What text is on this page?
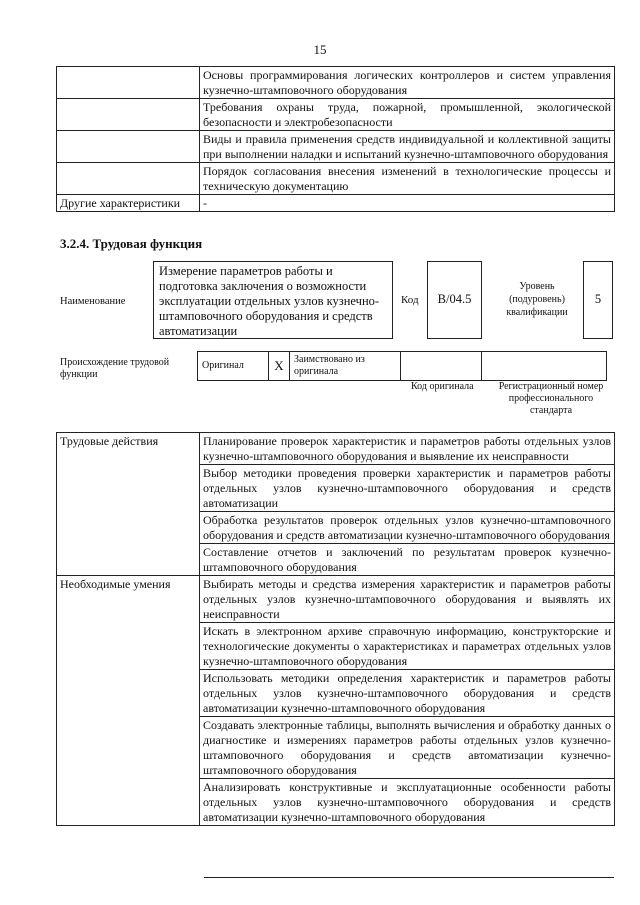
15
	Основы программирования логических контроллеров и систем управления кузнечно-штамповочного оборудования
	Требования охраны труда, пожарной, промышленной, экологической безопасности и электробезопасности
	Виды и правила применения средств индивидуальной и коллективной защиты при выполнении наладки и испытаний кузнечно-штамповочного оборудования
	Порядок согласования внесения изменений в технологические процессы и техническую документацию
Другие характеристики	-
3.2.4. Трудовая функция
Наименование
Измерение параметров работы и подготовка заключения о возможности эксплуатации отдельных узлов кузнечно-штамповочного оборудования и средств автоматизации
Код	В/04.5
Уровень (подуровень) квалификации
5
Происхождение трудовой функции
Оригинал	X	Заимствовано из оригинала		
Код оригинала	Регистрационный номер профессионального стандарта
Трудовые действия	Планирование проверок характеристик и параметров работы отдельных узлов кузнечно-штамповочного оборудования и выявление их неисправности
	Выбор методики проведения проверки характеристик и параметров работы отдельных узлов кузнечно-штамповочного оборудования и средств автоматизации
	Обработка результатов проверок отдельных узлов кузнечно-штамповочного оборудования и средств автоматизации кузнечно-штамповочного оборудования
	Составление отчетов и заключений по результатам проверок кузнечно-штамповочного оборудования
Необходимые умения	Выбирать методы и средства измерения характеристик и параметров работы отдельных узлов кузнечно-штамповочного оборудования и выявлять их неисправности
	Искать в электронном архиве справочную информацию, конструкторские и технологические документы о характеристиках и параметрах отдельных узлов кузнечно-штамповочного оборудования
	Использовать методики определения характеристик и параметров работы отдельных узлов кузнечно-штамповочного оборудования и средств автоматизации кузнечно-штамповочного оборудования
	Создавать электронные таблицы, выполнять вычисления и обработку данных о диагностике и измерениях параметров работы отдельных узлов кузнечно-штамповочного оборудования и средств автоматизации кузнечно-штамповочного оборудования
	Анализировать конструктивные и эксплуатационные особенности работы отдельных узлов кузнечно-штамповочного оборудования и средств автоматизации кузнечно-штамповочного оборудования
